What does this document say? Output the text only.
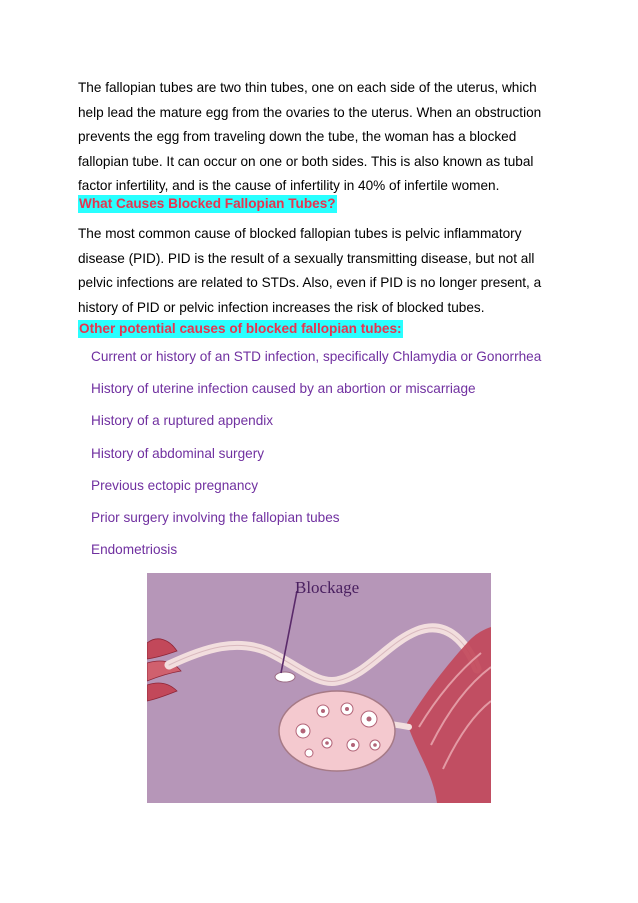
The fallopian tubes are two thin tubes, one on each side of the uterus, which
help lead the mature egg from the ovaries to the uterus. When an obstruction
prevents the egg from traveling down the tube, the woman has a blocked
fallopian tube. It can occur on one or both sides. This is also known as tubal
factor infertility, and is the cause of infertility in 40% of infertile women.

What Causes Blocked Fallopian Tubes?

The most common cause of blocked fallopian tubes is pelvic inflammatory
disease (PID). PID is the result of a sexually transmitting disease, but not all
pelvic infections are related to STDs. Also, even if PID is no longer present, a
history of PID or pelvic infection increases the risk of blocked tubes.

Other potential causes of blocked fallopian tubes:
Current or history of an STD infection, specifically Chlamydia or Gonorrhea
History of uterine infection caused by an abortion or miscarriage
History of a ruptured appendix
History of abdominal surgery
Previous ectopic pregnancy
Prior surgery involving the fallopian tubes
Endometriosis
Blockage
